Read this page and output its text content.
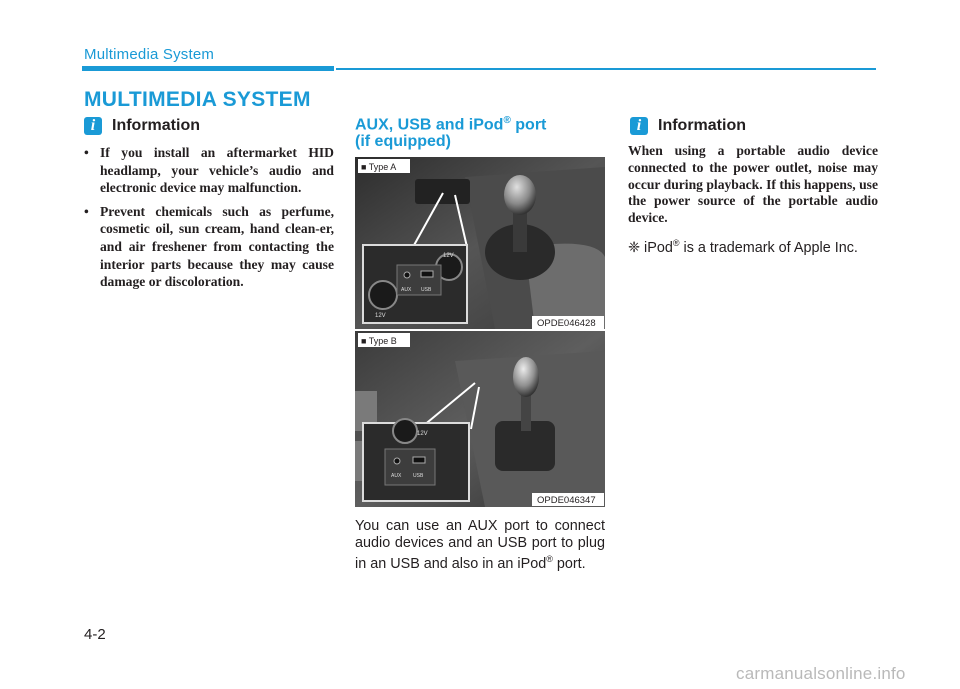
Multimedia System
MULTIMEDIA SYSTEM
i	Information
• If you install an aftermarket HID headlamp, your vehicle’s audio and electronic device may malfunction.
• Prevent chemicals such as perfume, cosmetic oil, sun cream, hand clean-er, and air freshener from contacting the interior parts because they may cause damage or discoloration.
AUX, USB and iPod® port
(if equipped)
12V
AUX USB
12V
■ Type A
OPDE046428
12V
AUX USB
■ Type B
OPDE046347
You can use an AUX port to connect audio devices and an USB port to plug in an USB and also in an iPod® port.
i	Information

When using a portable audio device connected to the power outlet, noise may occur during playback. If this happens, use the power source of the portable audio device.

❈ iPod® is a trademark of Apple Inc.
4-2
carmanualsonline.info
